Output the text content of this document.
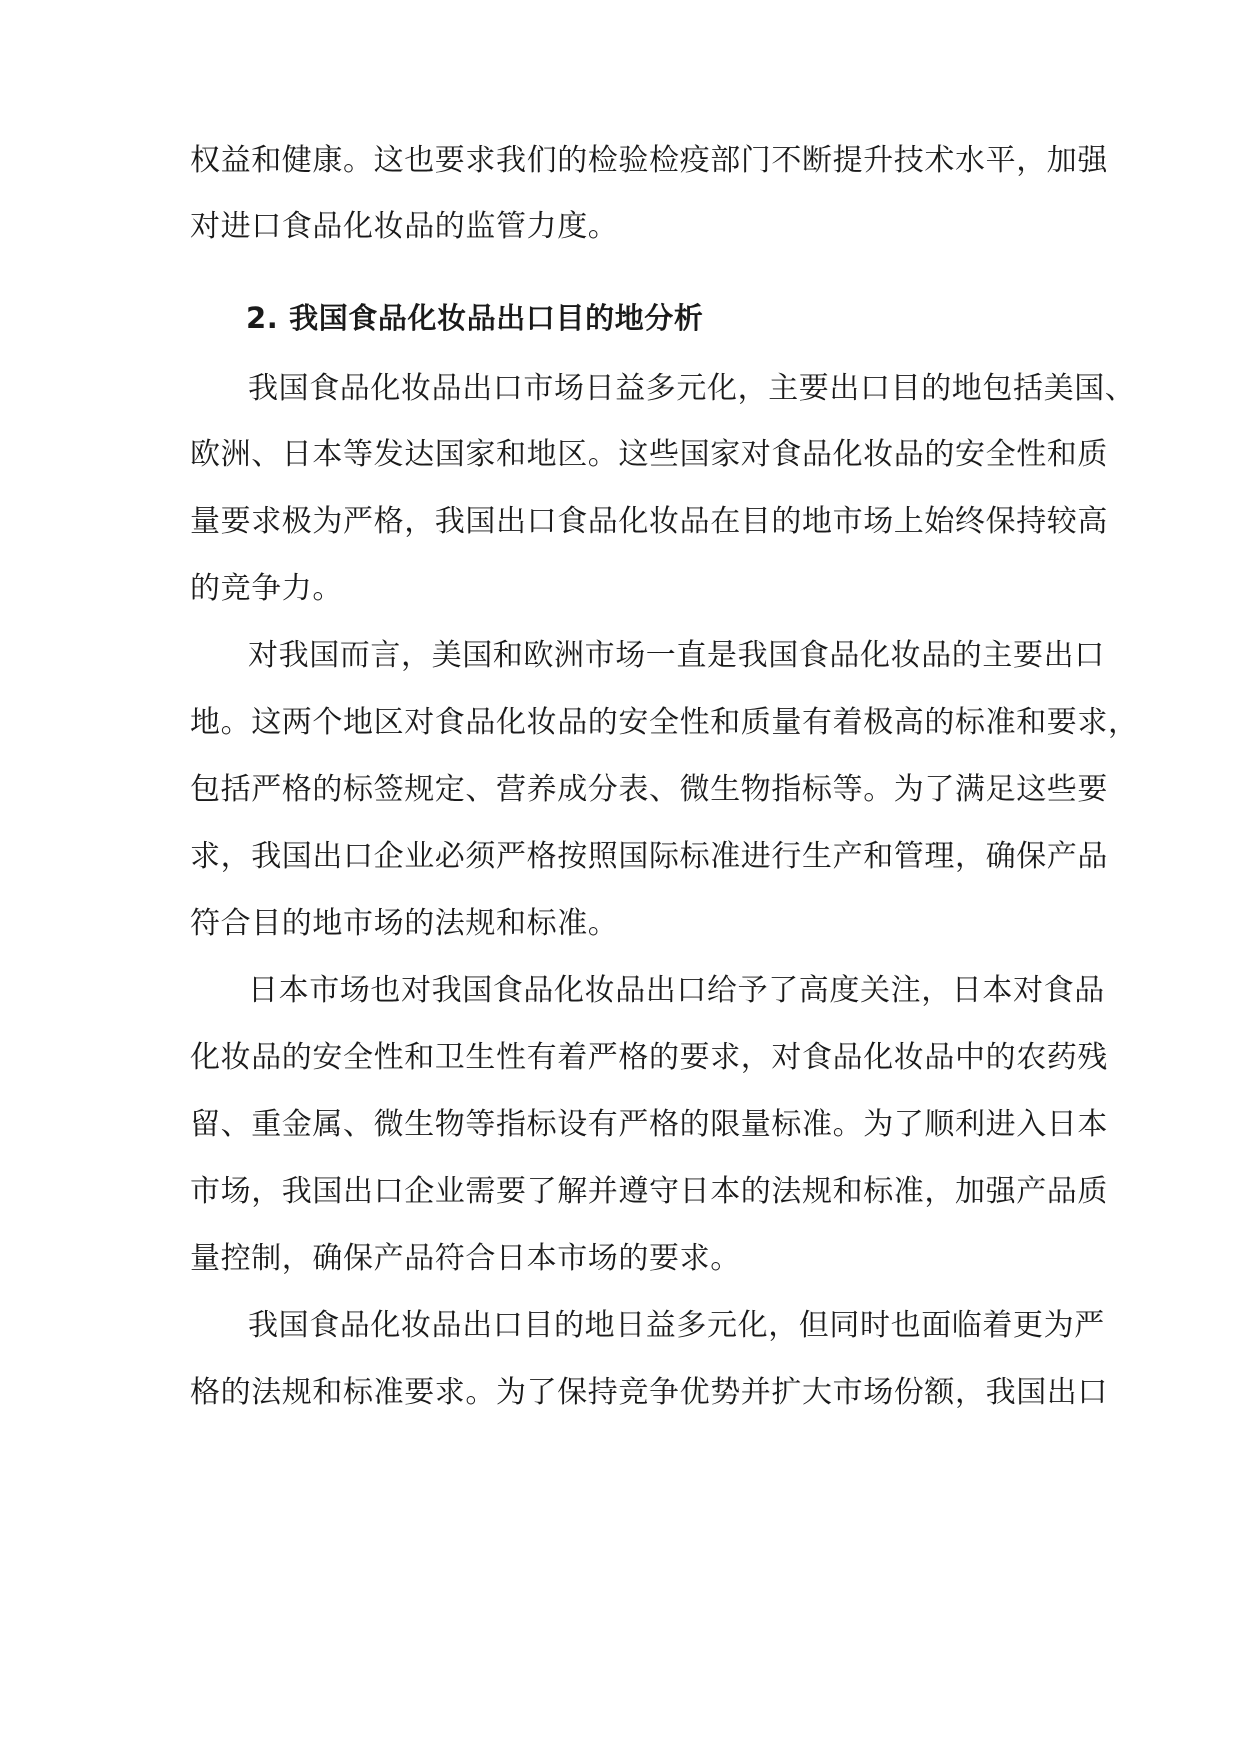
权益和健康。这也要求我们的检验检疫部门不断提升技术水平，加强
对进口食品化妆品的监管力度。
2. 我国食品化妆品出口目的地分析
我国食品化妆品出口市场日益多元化，主要出口目的地包括美国、
欧洲、日本等发达国家和地区。这些国家对食品化妆品的安全性和质
量要求极为严格，我国出口食品化妆品在目的地市场上始终保持较高
的竞争力。
对我国而言，美国和欧洲市场一直是我国食品化妆品的主要出口
地。这两个地区对食品化妆品的安全性和质量有着极高的标准和要求，
包括严格的标签规定、营养成分表、微生物指标等。为了满足这些要
求，我国出口企业必须严格按照国际标准进行生产和管理，确保产品
符合目的地市场的法规和标准。
日本市场也对我国食品化妆品出口给予了高度关注，日本对食品
化妆品的安全性和卫生性有着严格的要求，对食品化妆品中的农药残
留、重金属、微生物等指标设有严格的限量标准。为了顺利进入日本
市场，我国出口企业需要了解并遵守日本的法规和标准，加强产品质
量控制，确保产品符合日本市场的要求。
我国食品化妆品出口目的地日益多元化，但同时也面临着更为严
格的法规和标准要求。为了保持竞争优势并扩大市场份额，我国出口
